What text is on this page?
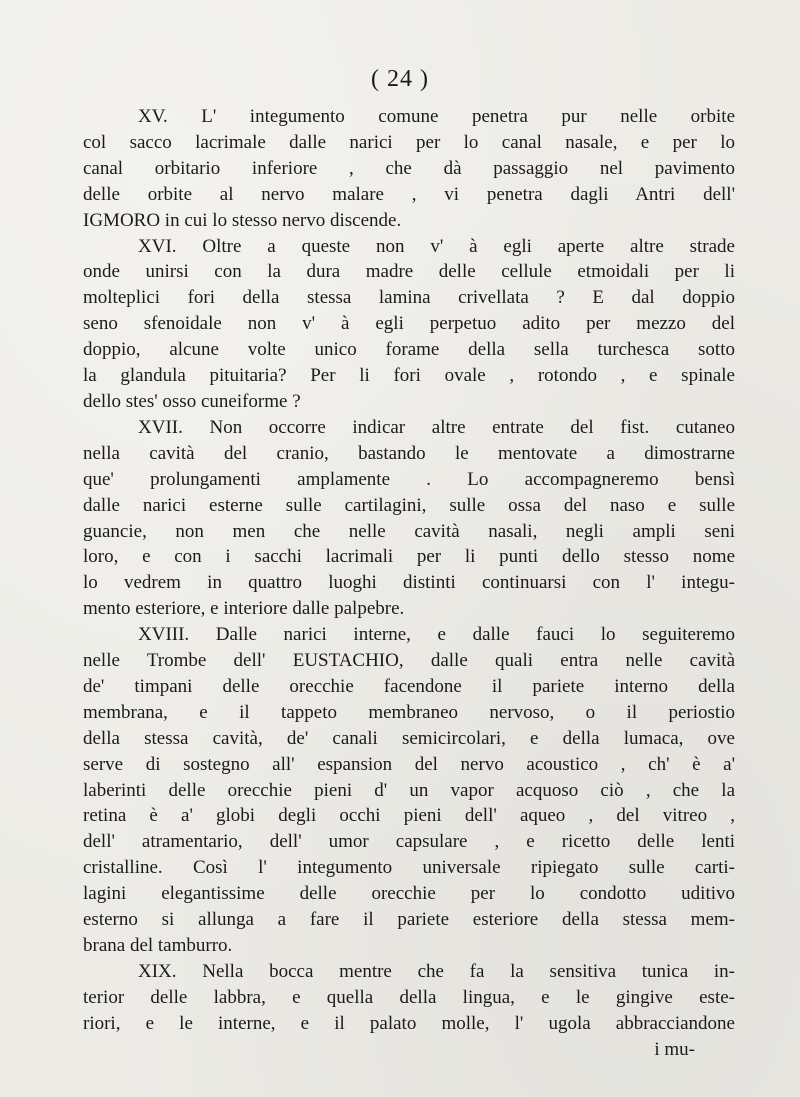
( 24 )
XV. L' integumento comune penetra pur nelle orbite
col sacco lacrimale dalle narici per lo canal nasale, e per lo
canal orbitario inferiore , che dà passaggio nel pavimento
delle orbite al nervo malare , vi penetra dagli Antri dell'
IGMORO in cui lo stesso nervo discende.
XVI. Oltre a queste non v' à egli aperte altre strade
onde unirsi con la dura madre delle cellule etmoidali per li
molteplici fori della stessa lamina crivellata ? E dal doppio
seno sfenoidale non v' à egli perpetuo adito per mezzo del
doppio, alcune volte unico forame della sella turchesca sotto
la glandula pituitaria? Per li fori ovale , rotondo , e spinale
dello stes' osso cuneiforme ?
XVII. Non occorre indicar altre entrate del fist. cutaneo
nella cavità del cranio, bastando le mentovate a dimostrarne
que' prolungamenti amplamente . Lo accompagneremo bensì
dalle narici esterne sulle cartilagini, sulle ossa del naso e sulle
guancie, non men che nelle cavità nasali, negli ampli seni
loro, e con i sacchi lacrimali per li punti dello stesso nome
lo vedrem in quattro luoghi distinti continuarsi con l' integu-
mento esteriore, e interiore dalle palpebre.
XVIII. Dalle narici interne, e dalle fauci lo seguiteremo
nelle Trombe dell' EUSTACHIO, dalle quali entra nelle cavità
de' timpani delle orecchie facendone il pariete interno della
membrana, e il tappeto membraneo nervoso, o il periostio
della stessa cavità, de' canali semicircolari, e della lumaca, ove
serve di sostegno all' espansion del nervo acoustico , ch' è a'
laberinti delle orecchie pieni d' un vapor acquoso ciò , che la
retina è a' globi degli occhi pieni dell' aqueo , del vitreo ,
dell' atramentario, dell' umor capsulare , e ricetto delle lenti
cristalline. Così l' integumento universale ripiegato sulle carti-
lagini elegantissime delle orecchie per lo condotto uditivo
esterno si allunga a fare il pariete esteriore della stessa mem-
brana del tamburro.
XIX. Nella bocca mentre che fa la sensitiva tunica in-
terior delle labbra, e quella della lingua, e le gingive este-
riori, e le interne, e il palato molle, l' ugola abbracciandone
i mu-
